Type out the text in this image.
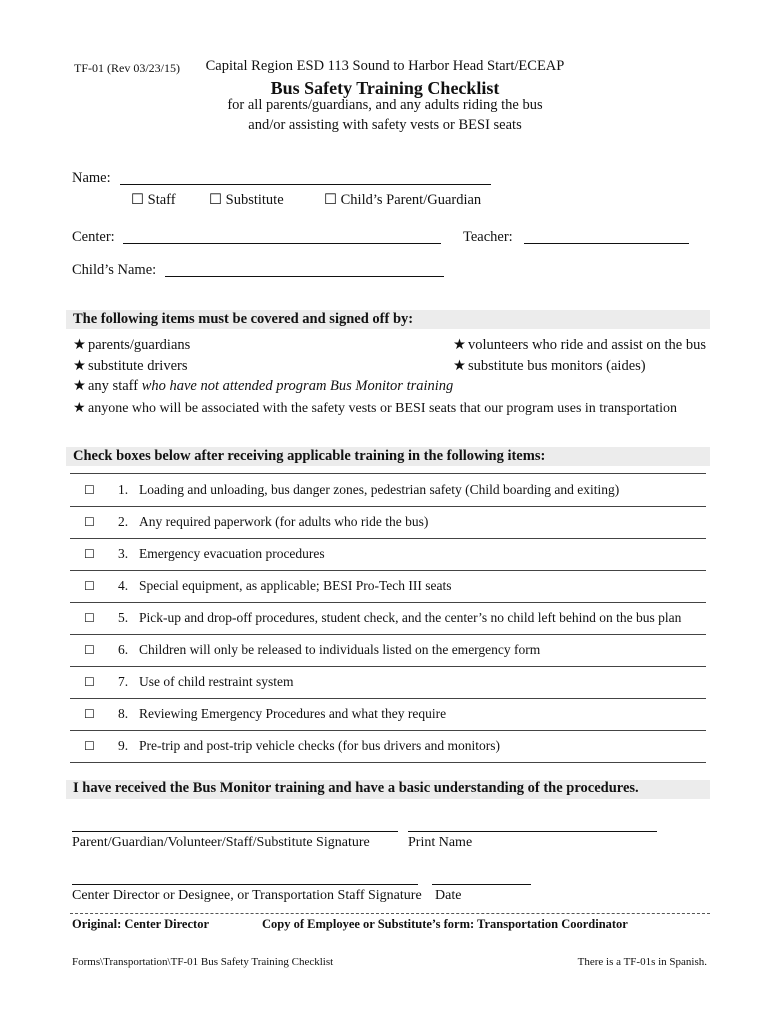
TF-01 (Rev 03/23/15)	Capital Region ESD 113 Sound to Harbor Head Start/ECEAP
Bus Safety Training Checklist
for all parents/guardians, and any adults riding the bus
and/or assisting with safety vests or BESI seats
Name:
☐ Staff ☐ Substitute	☐ Child’s Parent/Guardian
Center:	Teacher:
Child’s Name:
The following items must be covered and signed off by:
★ parents/guardians
★ substitute drivers
★ volunteers who ride and assist on the bus
★ substitute bus monitors (aides)
★ any staff who have not attended program Bus Monitor training
★ anyone who will be associated with the safety vests or BESI seats that our program uses in transportation
Check boxes below after receiving applicable training in the following items:
☐ 1. Loading and unloading, bus danger zones, pedestrian safety (Child boarding and exiting)
☐ 2. Any required paperwork (for adults who ride the bus)
☐ 3. Emergency evacuation procedures
☐ 4. Special equipment, as applicable; BESI Pro-Tech III seats
☐ 5. Pick-up and drop-off procedures, student check, and the center’s no child left behind on the bus plan
☐ 6. Children will only be released to individuals listed on the emergency form
☐ 7. Use of child restraint system
☐ 8. Reviewing Emergency Procedures and what they require
☐ 9. Pre-trip and post-trip vehicle checks (for bus drivers and monitors)
I have received the Bus Monitor training and have a basic understanding of the procedures.
Parent/Guardian/Volunteer/Staff/Substitute Signature	Print Name
Center Director or Designee, or Transportation Staff Signature Date
Original: Center Director	Copy of Employee or Substitute’s form: Transportation Coordinator
Forms\Transportation\TF-01 Bus Safety Training Checklist	There is a TF-01s in Spanish.
